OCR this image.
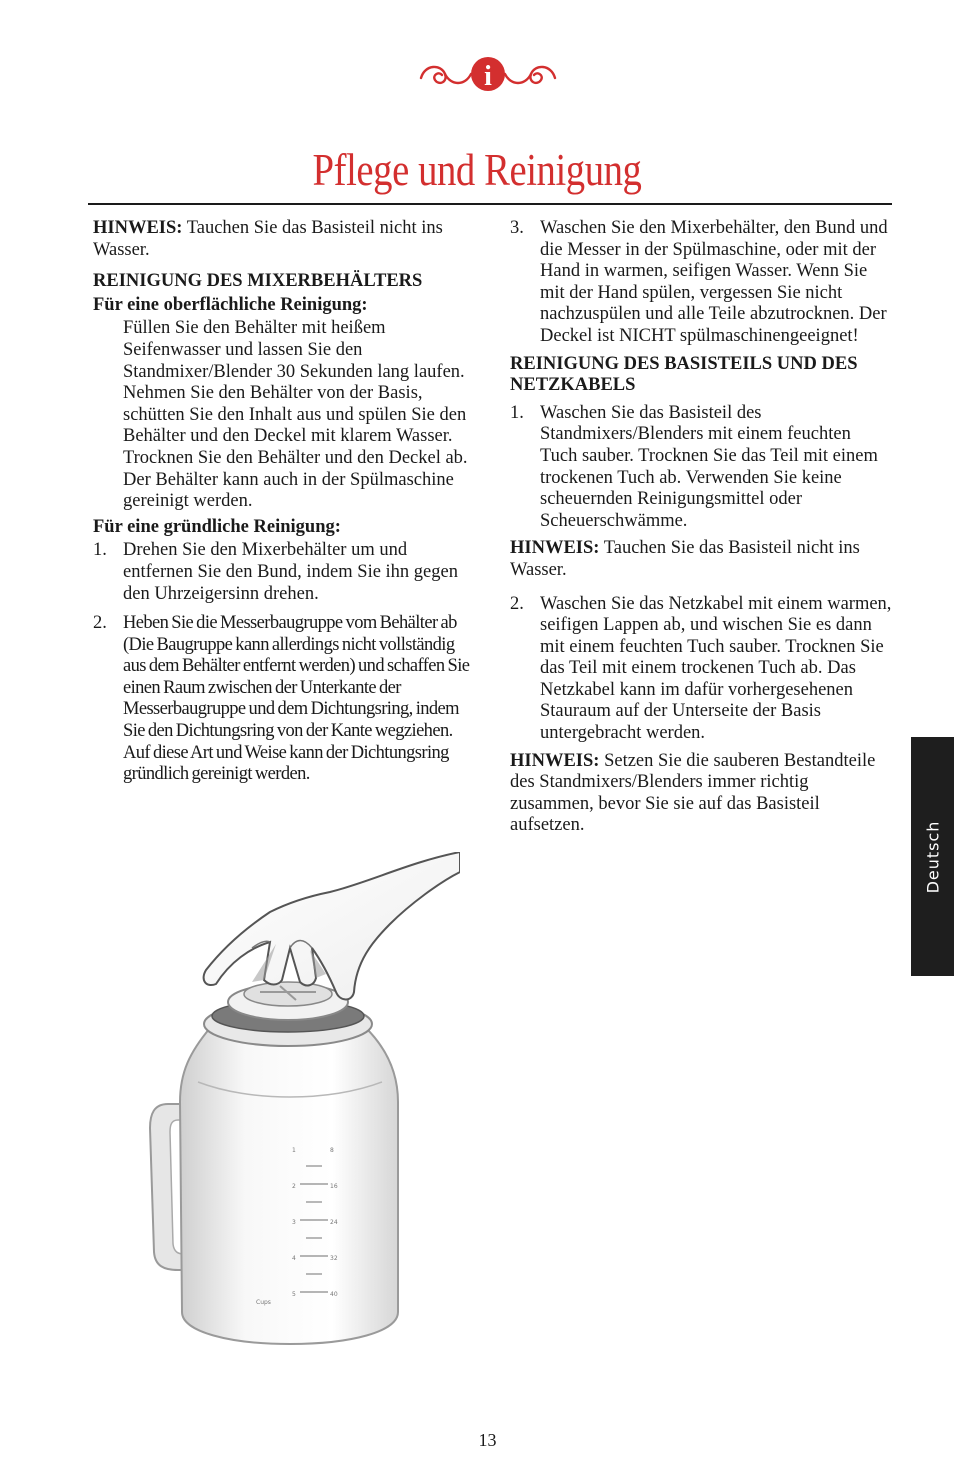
i
Pflege und Reinigung

HINWEIS: Tauchen Sie das Basisteil nicht ins Wasser.

REINIGUNG DES MIXERBEHÄLTERS

Für eine oberflächliche Reinigung:

Füllen Sie den Behälter mit heißem Seifenwasser und lassen Sie den Standmixer/Blender 30 Sekunden lang laufen. Nehmen Sie den Behälter von der Basis, schütten Sie den Inhalt aus und spülen Sie den Behälter und den Deckel mit klarem Wasser. Trocknen Sie den Behälter und den Deckel ab. Der Behälter kann auch in der Spülmaschine gereinigt werden.

Für eine gründliche Reinigung:

1. Drehen Sie den Mixerbehälter um und entfernen Sie den Bund, indem Sie ihn gegen den Uhrzeigersinn drehen.
2. Heben Sie die Messerbaugruppe vom Behälter ab (Die Baugruppe kann allerdings nicht vollständig aus dem Behälter entfernt werden) und schaffen Sie einen Raum zwischen der Unterkante der Messerbaugruppe und dem Dichtungsring, indem Sie den Dichtungsring von der Kante wegziehen. Auf diese Art und Weise kann der Dichtungsring gründlich gereinigt werden.
3. Waschen Sie den Mixerbehälter, den Bund und die Messer in der Spülmaschine, oder mit der Hand in warmen, seifigen Wasser. Wenn Sie mit der Hand spülen, vergessen Sie nicht nachzuspülen und alle Teile abzutrocknen. Der Deckel ist NICHT spülmaschinengeeignet!

REINIGUNG DES BASISTEILS UND DES NETZKABELS

1. Waschen Sie das Basisteil des Standmixers/Blenders mit einem feuchten Tuch sauber. Trocknen Sie das Teil mit einem trockenen Tuch ab. Verwenden Sie keine scheuernden Reinigungsmittel oder Scheuerschwämme.

HINWEIS: Tauchen Sie das Basisteil nicht ins Wasser.

2. Waschen Sie das Netzkabel mit einem warmen, seifigen Lappen ab, und wischen Sie es dann mit einem feuchten Tuch sauber. Trocknen Sie das Teil mit einem trockenen Tuch ab. Das Netzkabel kann im dafür vorhergesehenen Stauraum auf der Unterseite der Basis untergebracht werden.

HINWEIS: Setzen Sie die sauberen Bestandteile des Standmixers/Blenders immer richtig zusammen, bevor Sie sie auf das Basisteil aufsetzen.	Deutsch
1
2
3
4
5
8
16
24
32
40
Cups
13
